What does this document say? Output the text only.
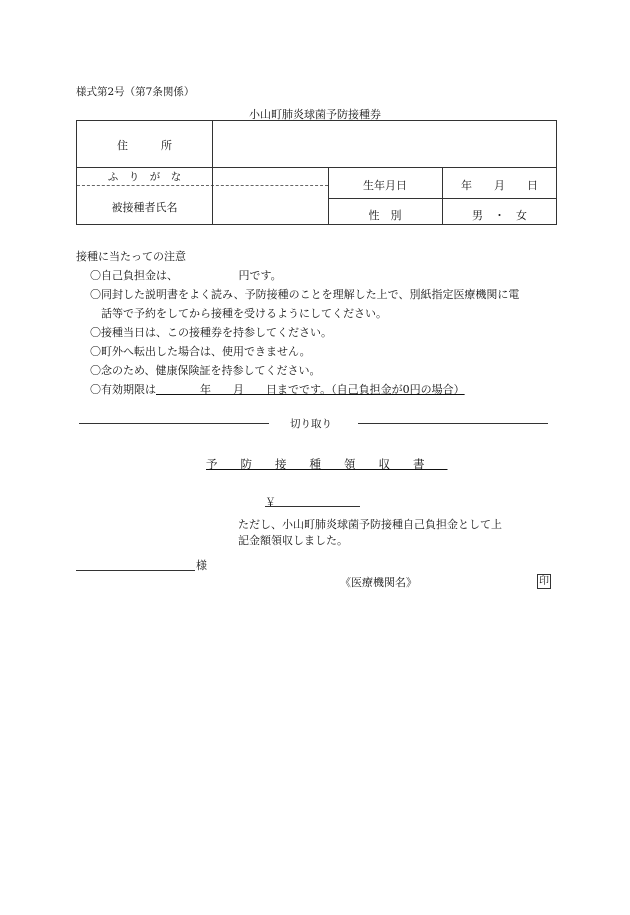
様式第2号（第7条関係）
小山町肺炎球菌予防接種券
住　　　所
ふ　り　が　な
被接種者氏名
生年月日	年　　月　　日
性　別	男　・　女
接種に当たっての注意
〇自己負担金は、　　　　　　円です。
〇同封した説明書をよく読み、予防接種のことを理解した上で、別紙指定医療機関に電
話等で予約をしてから接種を受けるようにしてください。
〇接種当日は、この接種券を持参してください。
〇町外へ転出した場合は、使用できません。
〇念のため、健康保険証を持参してください。
〇有効期限は　　　　年　　月　　日までです。（自己負担金が0円の場合）
切り取り
予防接種領収書
￥
ただし、小山町肺炎球菌予防接種自己負担金として上
記金額領収しました。
様
《医療機関名》	印
